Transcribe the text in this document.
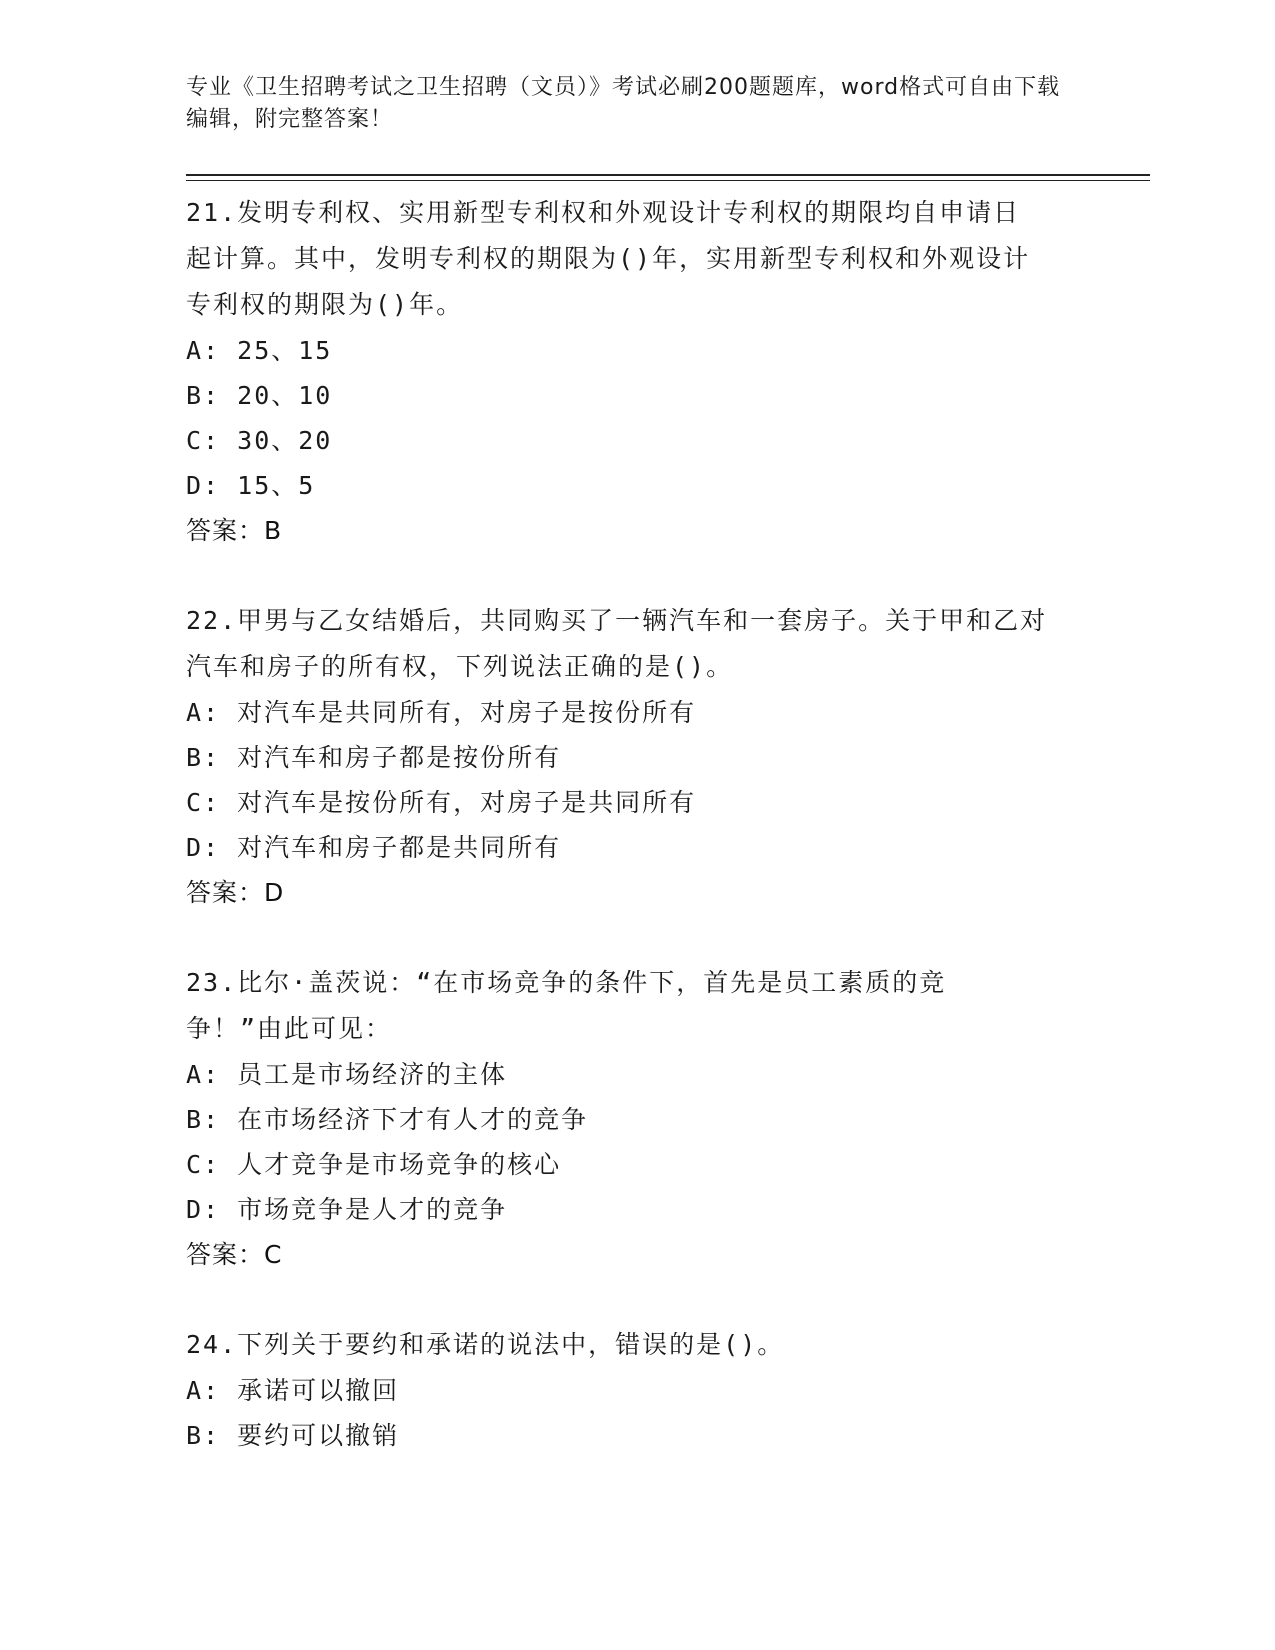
专业《卫生招聘考试之卫生招聘（文员）》考试必刷200题题库，word格式可自由下载编辑，附完整答案！

21.发明专利权、实用新型专利权和外观设计专利权的期限均自申请日起计算。其中，发明专利权的期限为()年，实用新型专利权和外观设计专利权的期限为()年。

A: 25、15

B: 20、10

C: 30、20

D: 15、5

答案：B

22.甲男与乙女结婚后，共同购买了一辆汽车和一套房子。关于甲和乙对汽车和房子的所有权，下列说法正确的是()。

A: 对汽车是共同所有，对房子是按份所有

B: 对汽车和房子都是按份所有

C: 对汽车是按份所有，对房子是共同所有

D: 对汽车和房子都是共同所有

答案：D

23.比尔·盖茨说：“在市场竞争的条件下，首先是员工素质的竞争！”由此可见：

A: 员工是市场经济的主体

B: 在市场经济下才有人才的竞争

C: 人才竞争是市场竞争的核心

D: 市场竞争是人才的竞争

答案：C

24.下列关于要约和承诺的说法中，错误的是()。

A: 承诺可以撤回

B: 要约可以撤销
